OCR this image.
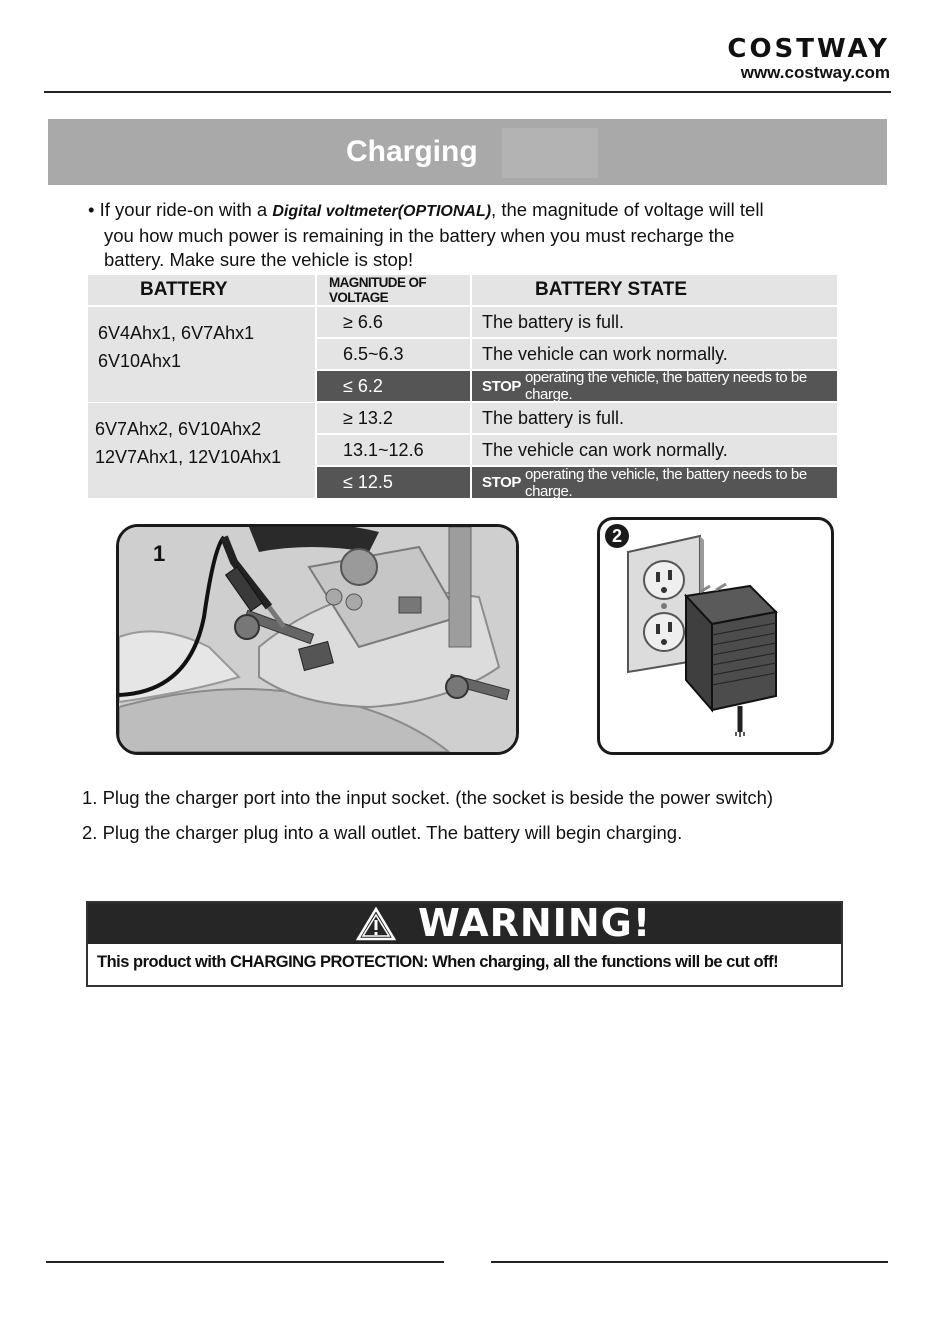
COSTWAY
www.costway.com
Charging
• If your ride-on with a Digital voltmeter(OPTIONAL), the magnitude of voltage will tell
you how much power is remaining in the battery when you must recharge the
battery. Make sure the vehicle is stop!
BATTERY	MAGNITUDE OF VOLTAGE	BATTERY STATE
6V4Ahx1, 6V7Ahx1
6V10Ahx1
≥ 6.6	The battery is full.
6.5~6.3	The vehicle can work normally.
≤ 6.2	STOP operating the vehicle, the battery needs to be charge.
6V7Ahx2, 6V10Ahx2
12V7Ahx1, 12V10Ahx1
≥ 13.2	The battery is full.
13.1~12.6	The vehicle can work normally.
≤ 12.5	STOP operating the vehicle, the battery needs to be charge.
1
2
1. Plug the charger port into the input socket. (the socket is beside the power switch)
2. Plug the charger plug into a wall outlet. The battery will begin charging.
WARNING!
This product with CHARGING PROTECTION: When charging, all the functions will be cut off!
